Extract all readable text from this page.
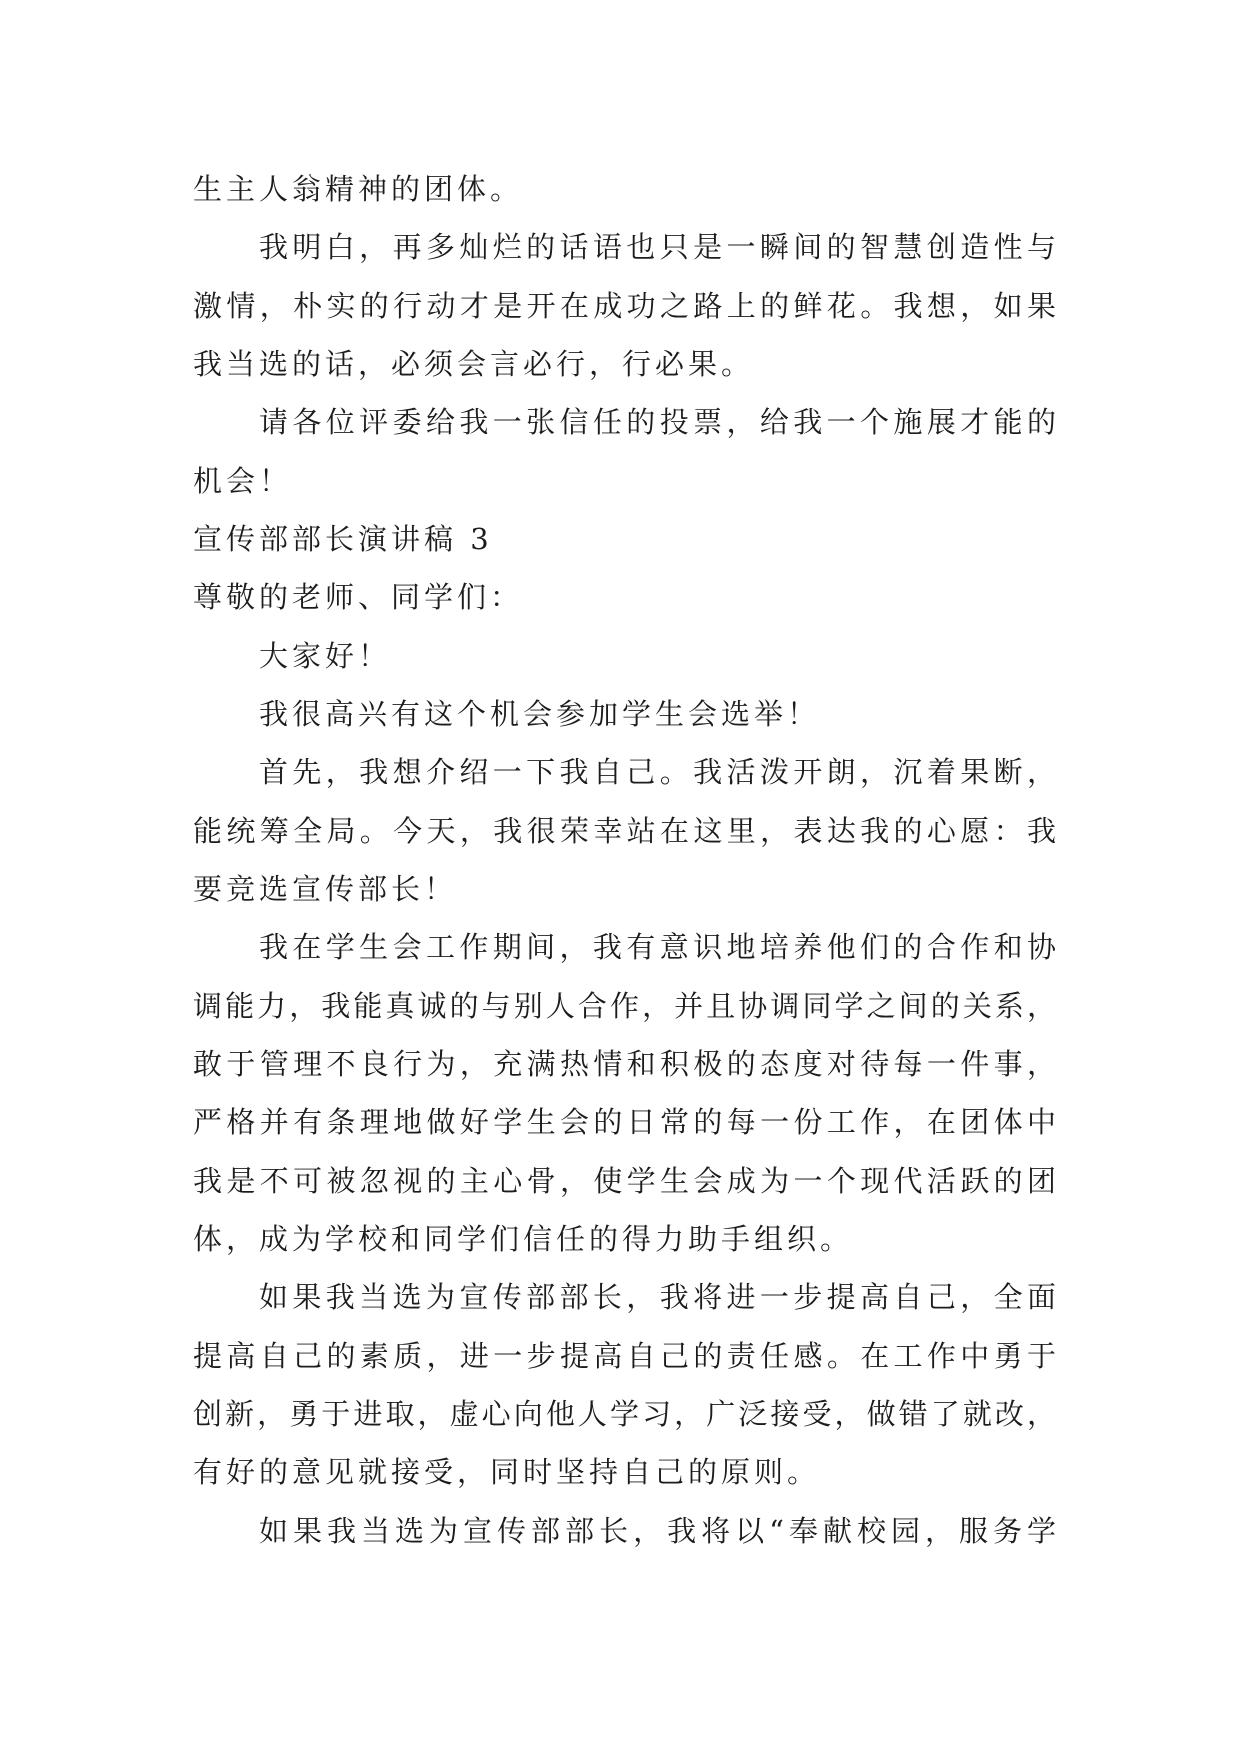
生主人翁精神的团体。
我明白，再多灿烂的话语也只是一瞬间的智慧创造性与
激情，朴实的行动才是开在成功之路上的鲜花。我想，如果
我当选的话，必须会言必行，行必果。
请各位评委给我一张信任的投票，给我一个施展才能的
机会！
宣传部部长演讲稿 3
尊敬的老师、同学们：
大家好！
我很高兴有这个机会参加学生会选举！
首先，我想介绍一下我自己。我活泼开朗，沉着果断，
能统筹全局。今天，我很荣幸站在这里，表达我的心愿：我
要竞选宣传部长！
我在学生会工作期间，我有意识地培养他们的合作和协
调能力，我能真诚的与别人合作，并且协调同学之间的关系，
敢于管理不良行为，充满热情和积极的态度对待每一件事，
严格并有条理地做好学生会的日常的每一份工作，在团体中
我是不可被忽视的主心骨，使学生会成为一个现代活跃的团
体，成为学校和同学们信任的得力助手组织。
如果我当选为宣传部部长，我将进一步提高自己，全面
提高自己的素质，进一步提高自己的责任感。在工作中勇于
创新，勇于进取，虚心向他人学习，广泛接受，做错了就改，
有好的意见就接受，同时坚持自己的原则。
如果我当选为宣传部部长，我将以“奉献校园，服务学
